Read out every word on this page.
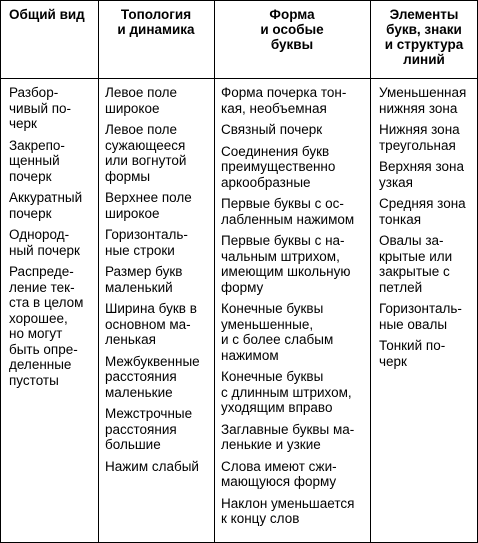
Общий вид	Топология
и динамика
Форма
и особые
буквы
Элементы
букв, знаки
и структура
линий
Разбор-
чивый по-
черк
Закрепо-
щенный
почерк
Аккуратный
почерк
Однород-
ный почерк
Распреде-
ление тек-
ста в целом
хорошее,
но могут
быть опре-
деленные
пустоты
Левое поле
широкое
Левое поле
сужающееся
или вогнутой
формы
Верхнее поле
широкое
Горизонталь-
ные строки
Размер букв
маленький
Ширина букв в
основном ма-
ленькая
Межбуквенные
расстояния
маленькие
Межстрочные
расстояния
большие
Нажим слабый
Форма почерка тон-
кая, необъемная
Связный почерк
Соединения букв
преимущественно
аркообразные
Первые буквы с ос-
лабленным нажимом
Первые буквы с на-
чальным штрихом,
имеющим школьную
форму
Конечные буквы
уменьшенные,
и с более слабым
нажимом
Конечные буквы
с длинным штрихом,
уходящим вправо
Заглавные буквы ма-
ленькие и узкие
Слова имеют сжи-
мающуюся форму
Наклон уменьшается
к концу слов
Уменьшенная
нижняя зона
Нижняя зона
треугольная
Верхняя зона
узкая
Средняя зона
тонкая
Овалы за-
крытые или
закрытые с
петлей
Горизонталь-
ные овалы
Тонкий по-
черк
